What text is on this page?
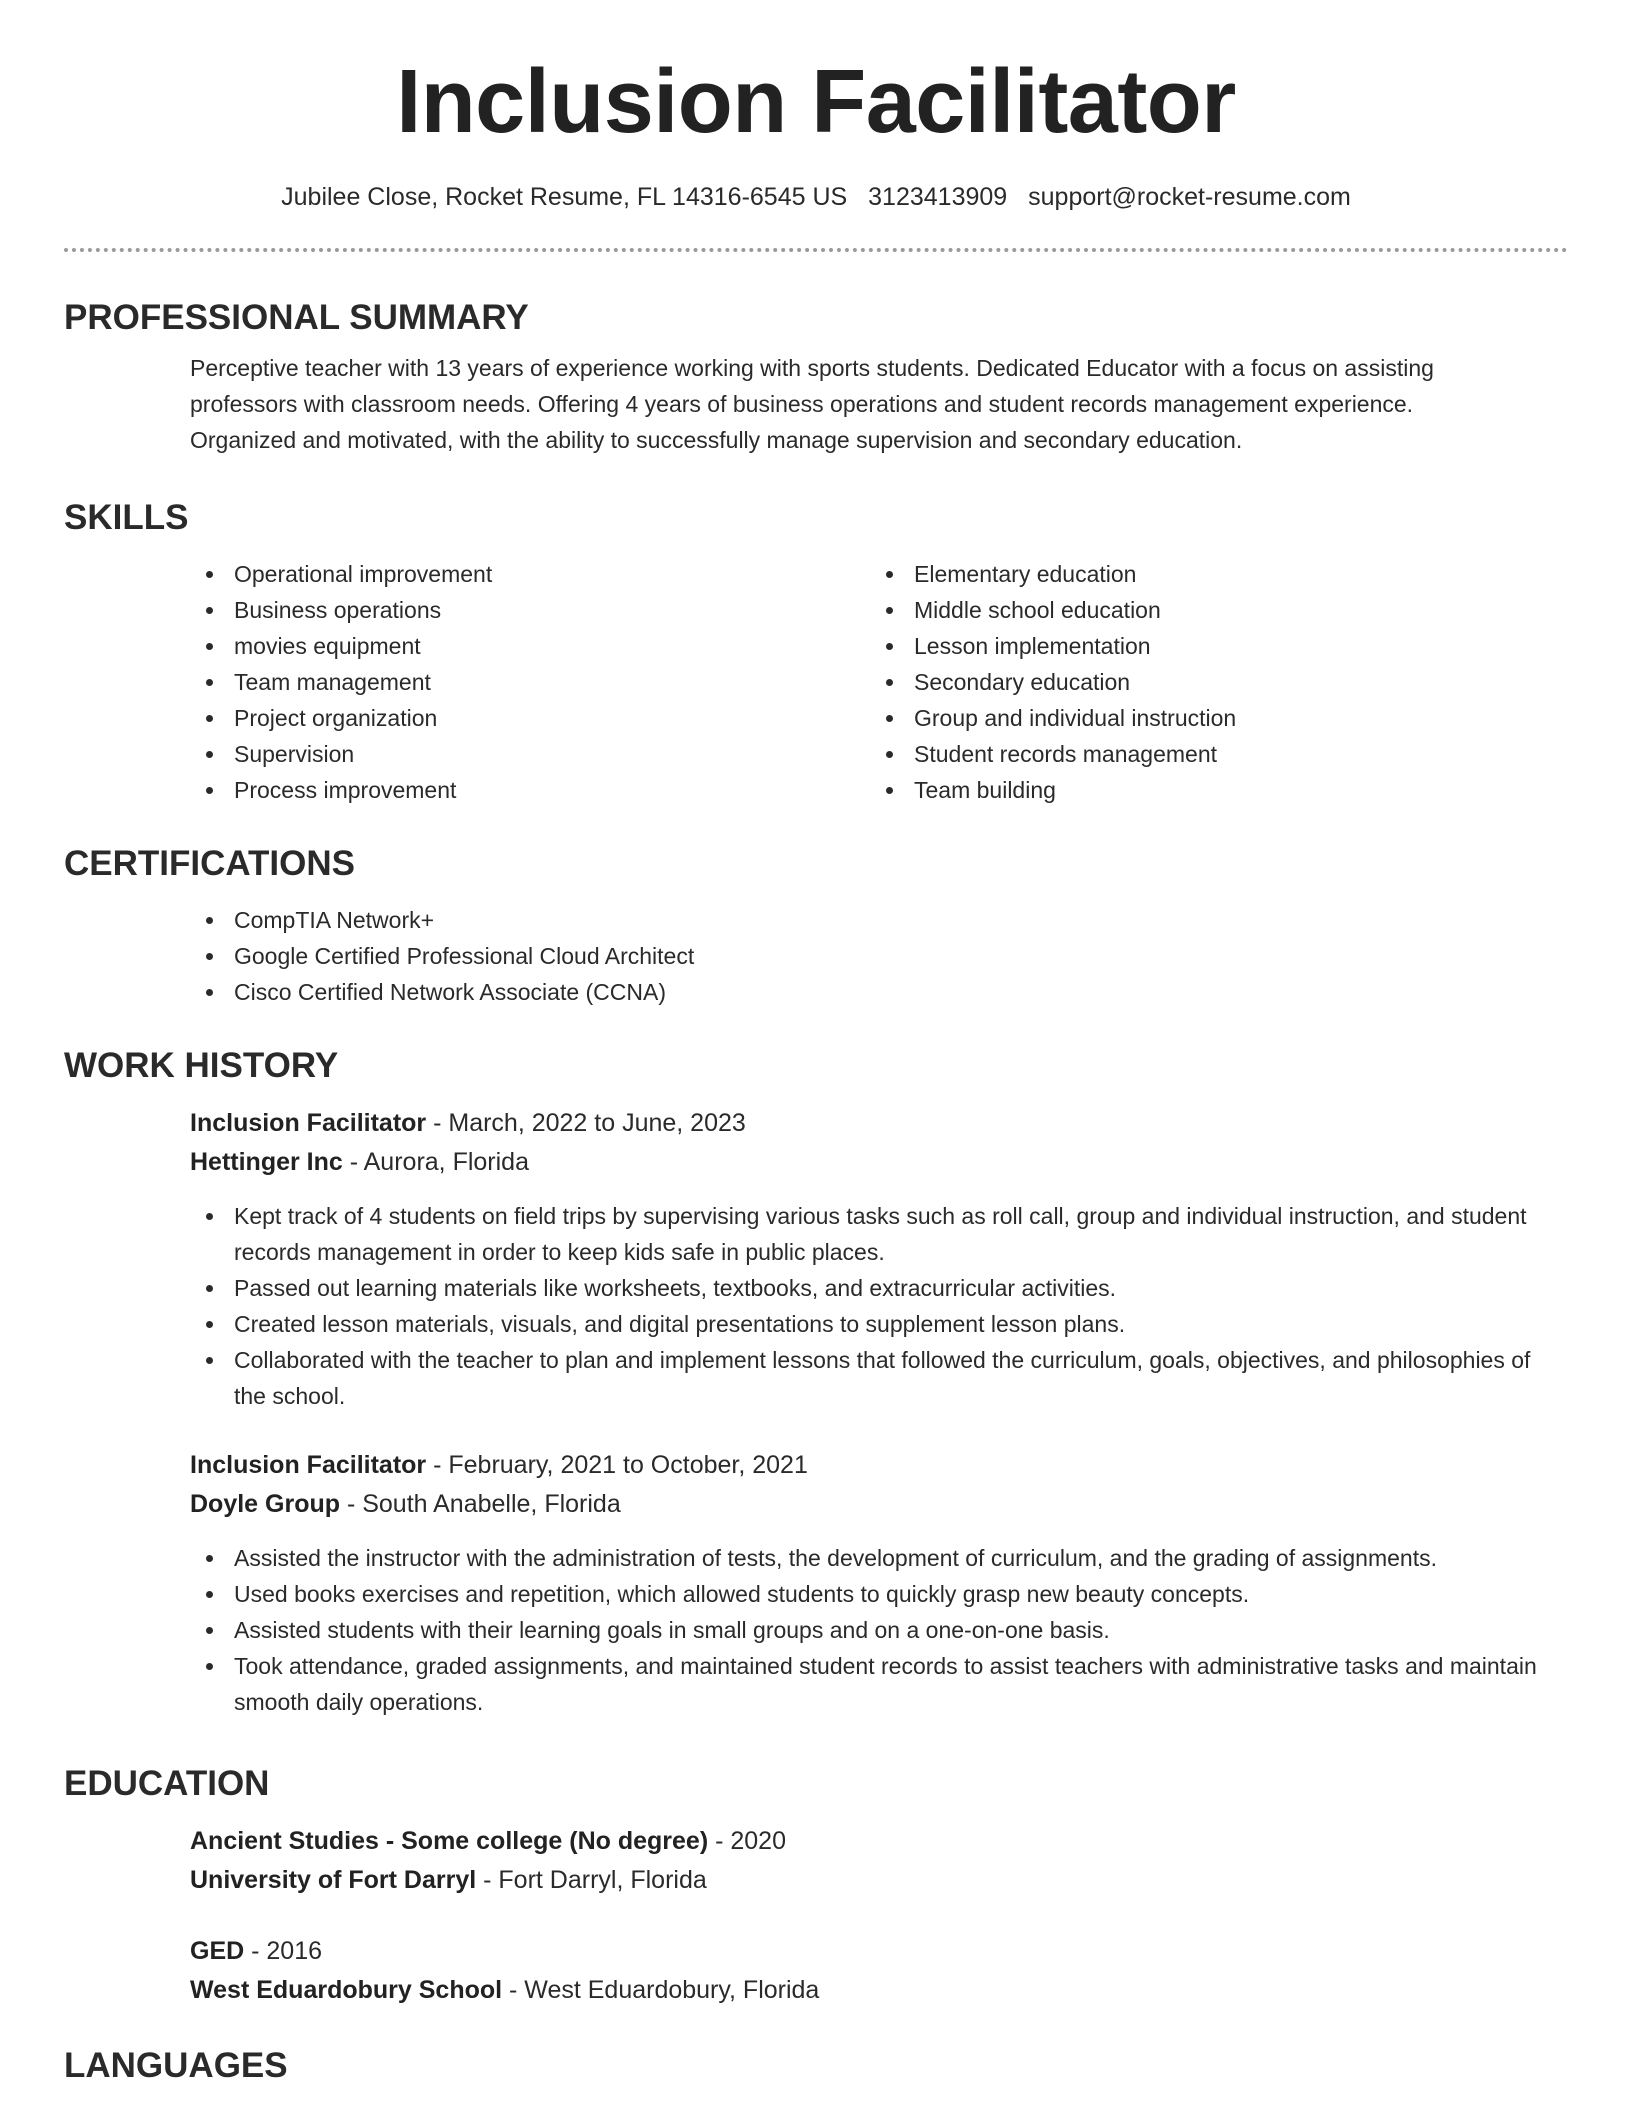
Inclusion Facilitator
Jubilee Close, Rocket Resume, FL 14316-6545 US 3123413909 support@rocket-resume.com
PROFESSIONAL SUMMARY
Perceptive teacher with 13 years of experience working with sports students. Dedicated Educator with a focus on assisting
professors with classroom needs. Offering 4 years of business operations and student records management experience.
Organized and motivated, with the ability to successfully manage supervision and secondary education.
SKILLS
Operational improvement
Business operations
movies equipment
Team management
Project organization
Supervision
Process improvement
Elementary education
Middle school education
Lesson implementation
Secondary education
Group and individual instruction
Student records management
Team building
CERTIFICATIONS
CompTIA Network+
Google Certified Professional Cloud Architect
Cisco Certified Network Associate (CCNA)
WORK HISTORY
Inclusion Facilitator - March, 2022 to June, 2023
Hettinger Inc - Aurora, Florida
Kept track of 4 students on field trips by supervising various tasks such as roll call, group and individual instruction, and student records management in order to keep kids safe in public places.
Passed out learning materials like worksheets, textbooks, and extracurricular activities.
Created lesson materials, visuals, and digital presentations to supplement lesson plans.
Collaborated with the teacher to plan and implement lessons that followed the curriculum, goals, objectives, and philosophies of the school.
Inclusion Facilitator - February, 2021 to October, 2021
Doyle Group - South Anabelle, Florida
Assisted the instructor with the administration of tests, the development of curriculum, and the grading of assignments.
Used books exercises and repetition, which allowed students to quickly grasp new beauty concepts.
Assisted students with their learning goals in small groups and on a one-on-one basis.
Took attendance, graded assignments, and maintained student records to assist teachers with administrative tasks and maintain smooth daily operations.
EDUCATION
Ancient Studies - Some college (No degree) - 2020
University of Fort Darryl - Fort Darryl, Florida
GED - 2016
West Eduardobury School - West Eduardobury, Florida
LANGUAGES
